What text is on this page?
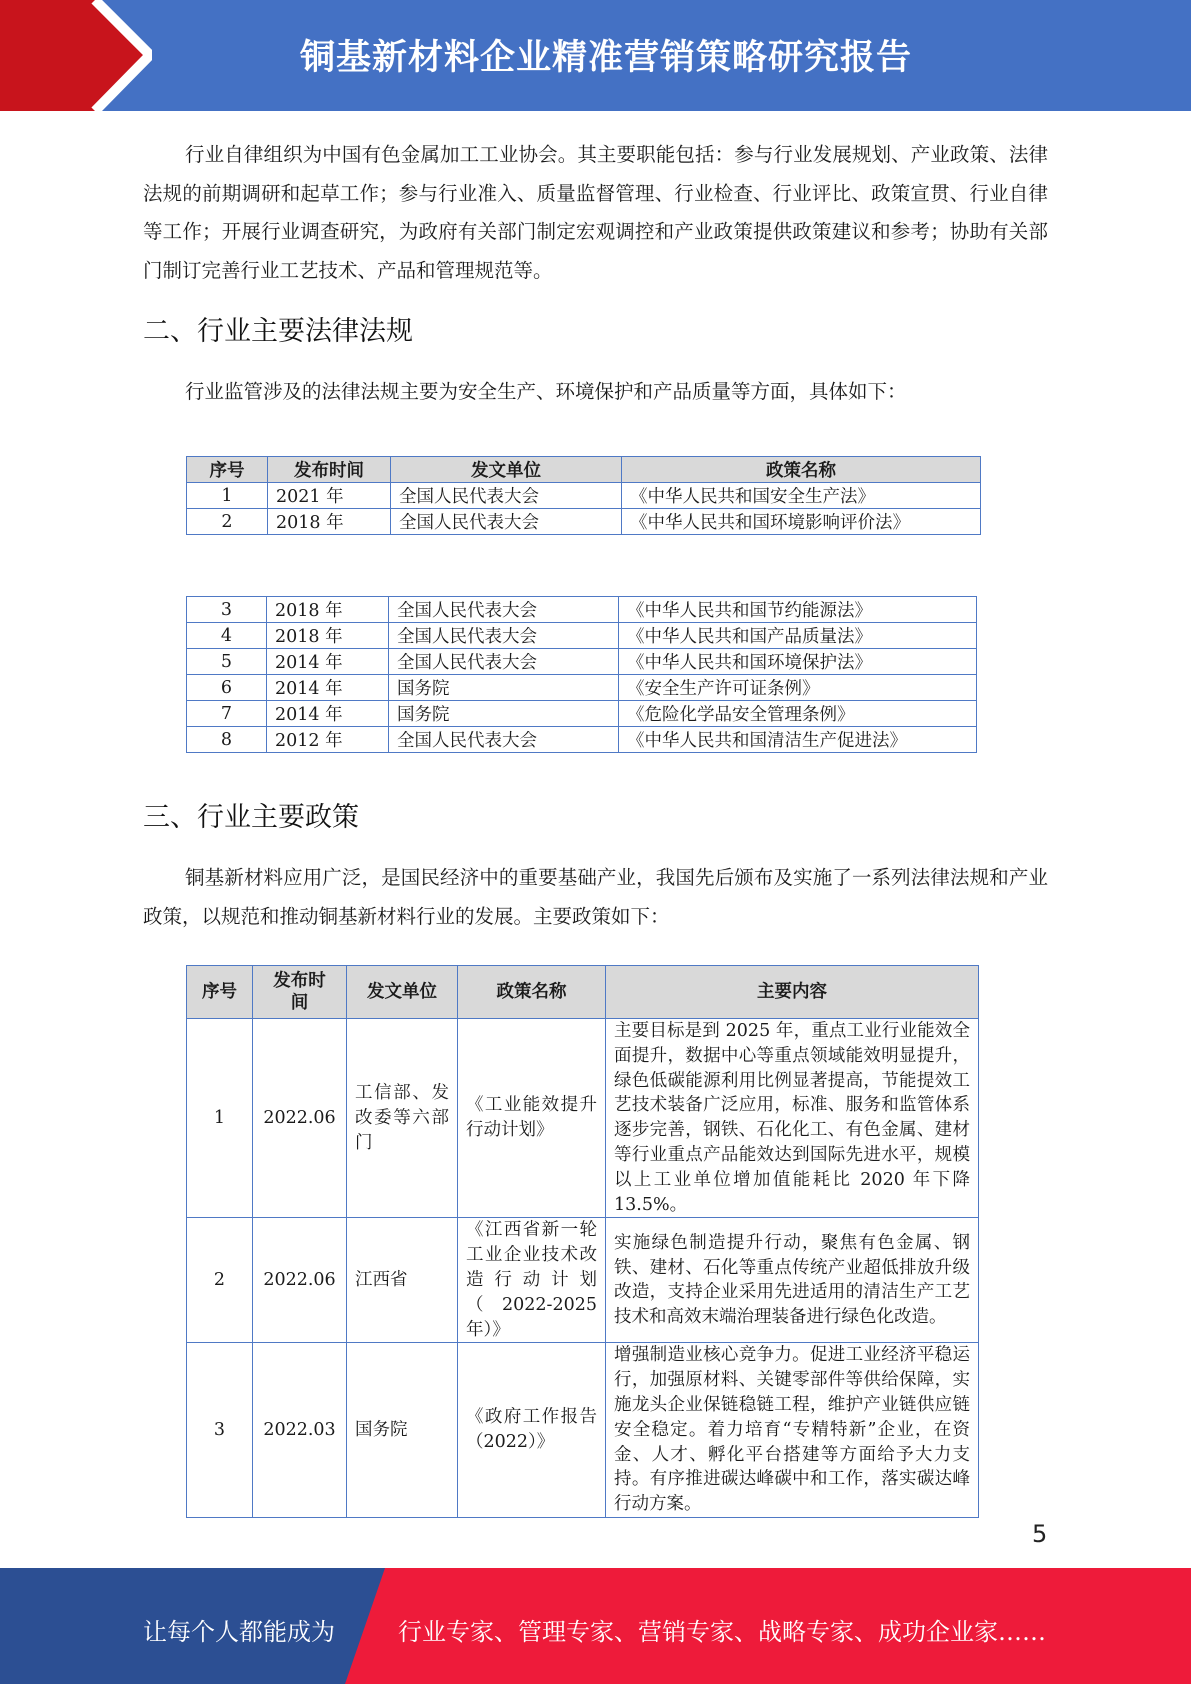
铜基新材料企业精准营销策略研究报告
行业自律组织为中国有色金属加工工业协会。其主要职能包括：参与行业发展规划、产业政策、法律法规的前期调研和起草工作；参与行业准入、质量监督管理、行业检查、行业评比、政策宣贯、行业自律等工作；开展行业调查研究，为政府有关部门制定宏观调控和产业政策提供政策建议和参考；协助有关部门制订完善行业工艺技术、产品和管理规范等。
二、行业主要法律法规
行业监管涉及的法律法规主要为安全生产、环境保护和产品质量等方面，具体如下：
序号	发布时间	发文单位	政策名称
1	2021 年	全国人民代表大会	《中华人民共和国安全生产法》
2	2018 年	全国人民代表大会	《中华人民共和国环境影响评价法》
3	2018 年	全国人民代表大会	《中华人民共和国节约能源法》
4	2018 年	全国人民代表大会	《中华人民共和国产品质量法》
5	2014 年	全国人民代表大会	《中华人民共和国环境保护法》
6	2014 年	国务院	《安全生产许可证条例》
7	2014 年	国务院	《危险化学品安全管理条例》
8	2012 年	全国人民代表大会	《中华人民共和国清洁生产促进法》
三、行业主要政策
铜基新材料应用广泛，是国民经济中的重要基础产业，我国先后颁布及实施了一系列法律法规和产业政策，以规范和推动铜基新材料行业的发展。主要政策如下：
序号	发布时间	发文单位	政策名称	主要内容
1	2022.06	工信部、发改委等六部门	《工业能效提升行动计划》	主要目标是到 2025 年，重点工业行业能效全面提升，数据中心等重点领域能效明显提升，绿色低碳能源利用比例显著提高，节能提效工艺技术装备广泛应用，标准、服务和监管体系逐步完善，钢铁、石化化工、有色金属、建材等行业重点产品能效达到国际先进水平，规模以上工业单位增加值能耗比 2020 年下降 13.5%。
2	2022.06	江西省	《江西省新一轮工业企业技术改造行动计划（2022-2025年）》	实施绿色制造提升行动，聚焦有色金属、钢铁、建材、石化等重点传统产业超低排放升级改造，支持企业采用先进适用的清洁生产工艺技术和高效末端治理装备进行绿色化改造。
3	2022.03	国务院	《政府工作报告（2022）》	增强制造业核心竞争力。促进工业经济平稳运行，加强原材料、关键零部件等供给保障，实施龙头企业保链稳链工程，维护产业链供应链安全稳定。着力培育“专精特新”企业，在资金、人才、孵化平台搭建等方面给予大力支持。有序推进碳达峰碳中和工作，落实碳达峰行动方案。
5
让每个人都能成为	行业专家、管理专家、营销专家、战略专家、成功企业家……
